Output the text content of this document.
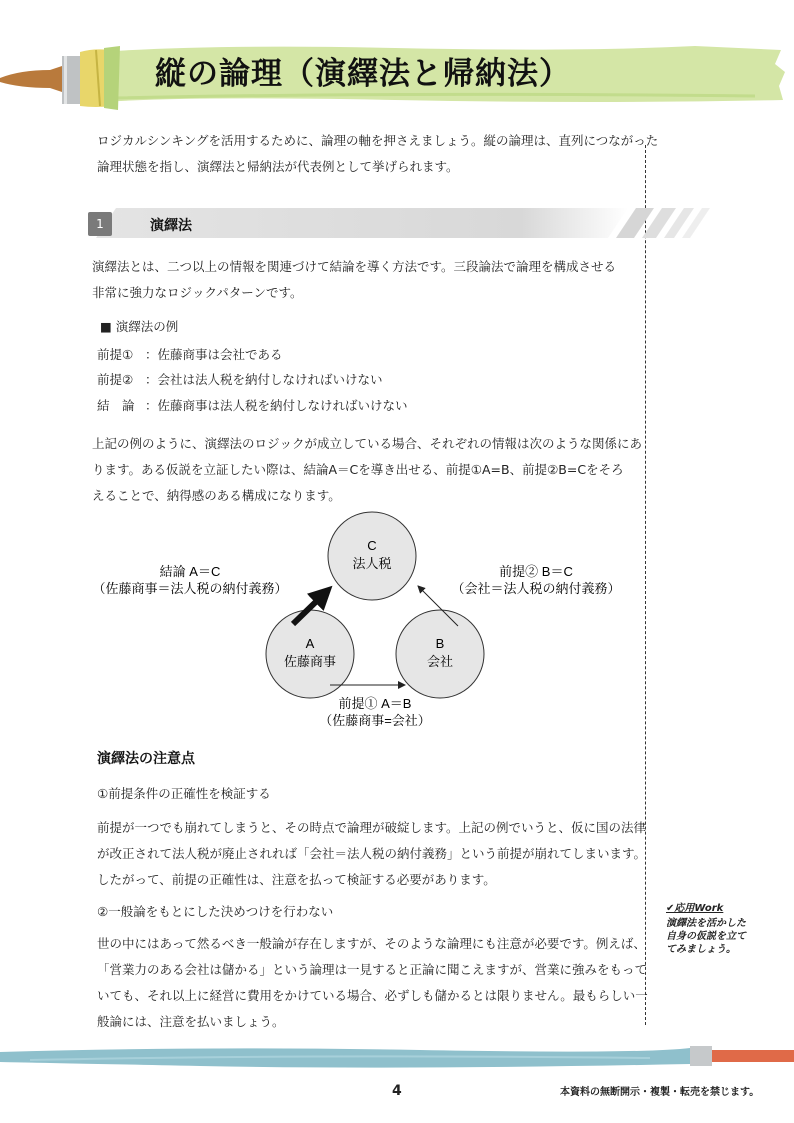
縦の論理（演繹法と帰納法）
ロジカルシンキングを活用するために、論理の軸を押さえましょう。縦の論理は、直列につながった
論理状態を指し、演繹法と帰納法が代表例として挙げられます。
1	演繹法
演繹法とは、二つ以上の情報を関連づけて結論を導く方法です。三段論法で論理を構成させる
非常に強力なロジックパターンです。
■ 演繹法の例
前提① ：佐藤商事は会社である
前提② ：会社は法人税を納付しなければいけない
結　論 ：佐藤商事は法人税を納付しなければいけない
上記の例のように、演繹法のロジックが成立している場合、それぞれの情報は次のような関係にあ
ります。ある仮説を立証したい際は、結論A＝Cを導き出せる、前提①A=B、前提②B=Cをそろ
えることで、納得感のある構成になります。
C
法人税
A
佐藤商事
B
会社
結論 A＝C
（佐藤商事＝法人税の納付義務）
前提② B＝C
（会社＝法人税の納付義務）
前提① A＝B
（佐藤商事=会社）
演繹法の注意点
①前提条件の正確性を検証する
前提が一つでも崩れてしまうと、その時点で論理が破綻します。上記の例でいうと、仮に国の法律
が改正されて法人税が廃止されれば「会社＝法人税の納付義務」という前提が崩れてしまいます。
したがって、前提の正確性は、注意を払って検証する必要があります。
②一般論をもとにした決めつけを行わない
世の中にはあって然るべき一般論が存在しますが、そのような論理にも注意が必要です。例えば、
「営業力のある会社は儲かる」という論理は一見すると正論に聞こえますが、営業に強みをもって
いても、それ以上に経営に費用をかけている場合、必ずしも儲かるとは限りません。最もらしい一
般論には、注意を払いましょう。
✔応用Work
演繹法を活かした
自身の仮説を立て
てみましょう。
4	本資料の無断開示・複製・転売を禁じます。
